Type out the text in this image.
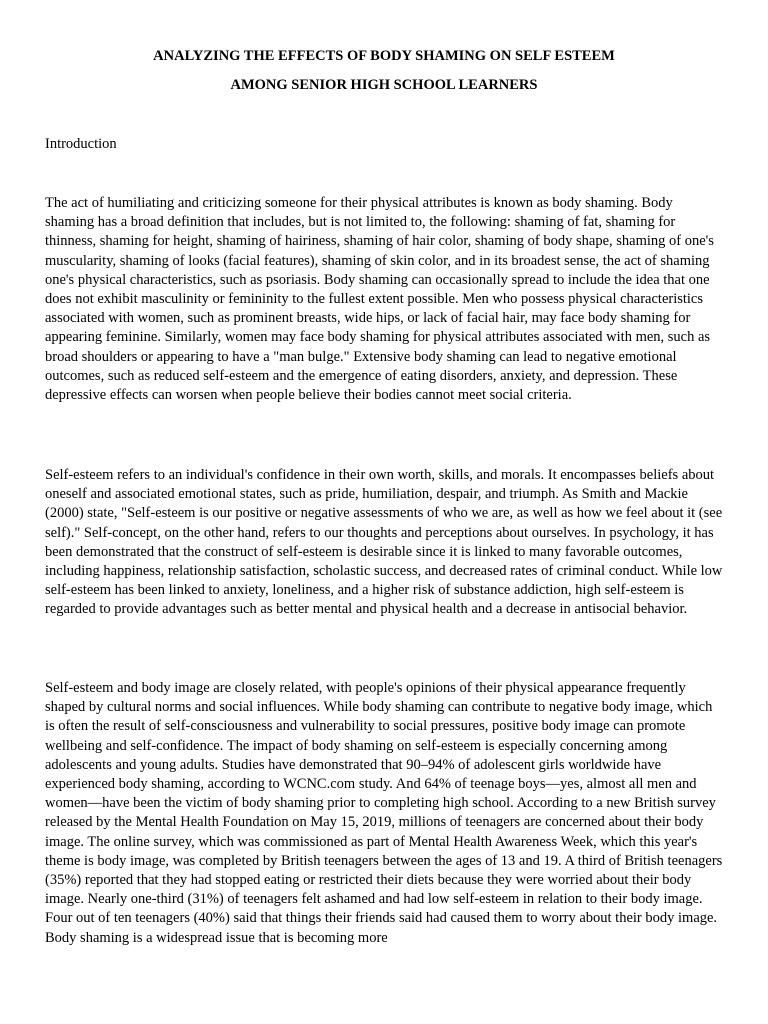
ANALYZING THE EFFECTS OF BODY SHAMING ON SELF ESTEEM
AMONG SENIOR HIGH SCHOOL LEARNERS

Introduction

The act of humiliating and criticizing someone for their physical attributes is known as body shaming. Body shaming has a broad definition that includes, but is not limited to, the following: shaming of fat, shaming for thinness, shaming for height, shaming of hairiness, shaming of hair color, shaming of body shape, shaming of one's muscularity, shaming of looks (facial features), shaming of skin color, and in its broadest sense, the act of shaming one's physical characteristics, such as psoriasis. Body shaming can occasionally spread to include the idea that one does not exhibit masculinity or femininity to the fullest extent possible. Men who possess physical characteristics associated with women, such as prominent breasts, wide hips, or lack of facial hair, may face body shaming for appearing feminine. Similarly, women may face body shaming for physical attributes associated with men, such as broad shoulders or appearing to have a "man bulge." Extensive body shaming can lead to negative emotional outcomes, such as reduced self-esteem and the emergence of eating disorders, anxiety, and depression. These depressive effects can worsen when people believe their bodies cannot meet social criteria.

Self-esteem refers to an individual's confidence in their own worth, skills, and morals. It encompasses beliefs about oneself and associated emotional states, such as pride, humiliation, despair, and triumph. As Smith and Mackie (2000) state, "Self-esteem is our positive or negative assessments of who we are, as well as how we feel about it (see self)." Self-concept, on the other hand, refers to our thoughts and perceptions about ourselves. In psychology, it has been demonstrated that the construct of self-esteem is desirable since it is linked to many favorable outcomes, including happiness, relationship satisfaction, scholastic success, and decreased rates of criminal conduct. While low self-esteem has been linked to anxiety, loneliness, and a higher risk of substance addiction, high self-esteem is regarded to provide advantages such as better mental and physical health and a decrease in antisocial behavior.

Self-esteem and body image are closely related, with people's opinions of their physical appearance frequently shaped by cultural norms and social influences. While body shaming can contribute to negative body image, which is often the result of self-consciousness and vulnerability to social pressures, positive body image can promote wellbeing and self-confidence. The impact of body shaming on self-esteem is especially concerning among adolescents and young adults. Studies have demonstrated that 90–94% of adolescent girls worldwide have experienced body shaming, according to WCNC.com study. And 64% of teenage boys—yes, almost all men and women—have been the victim of body shaming prior to completing high school. According to a new British survey released by the Mental Health Foundation on May 15, 2019, millions of teenagers are concerned about their body image. The online survey, which was commissioned as part of Mental Health Awareness Week, which this year's theme is body image, was completed by British teenagers between the ages of 13 and 19. A third of British teenagers (35%) reported that they had stopped eating or restricted their diets because they were worried about their body image. Nearly one-third (31%) of teenagers felt ashamed and had low self-esteem in relation to their body image. Four out of ten teenagers (40%) said that things their friends said had caused them to worry about their body image. Body shaming is a widespread issue that is becoming more
